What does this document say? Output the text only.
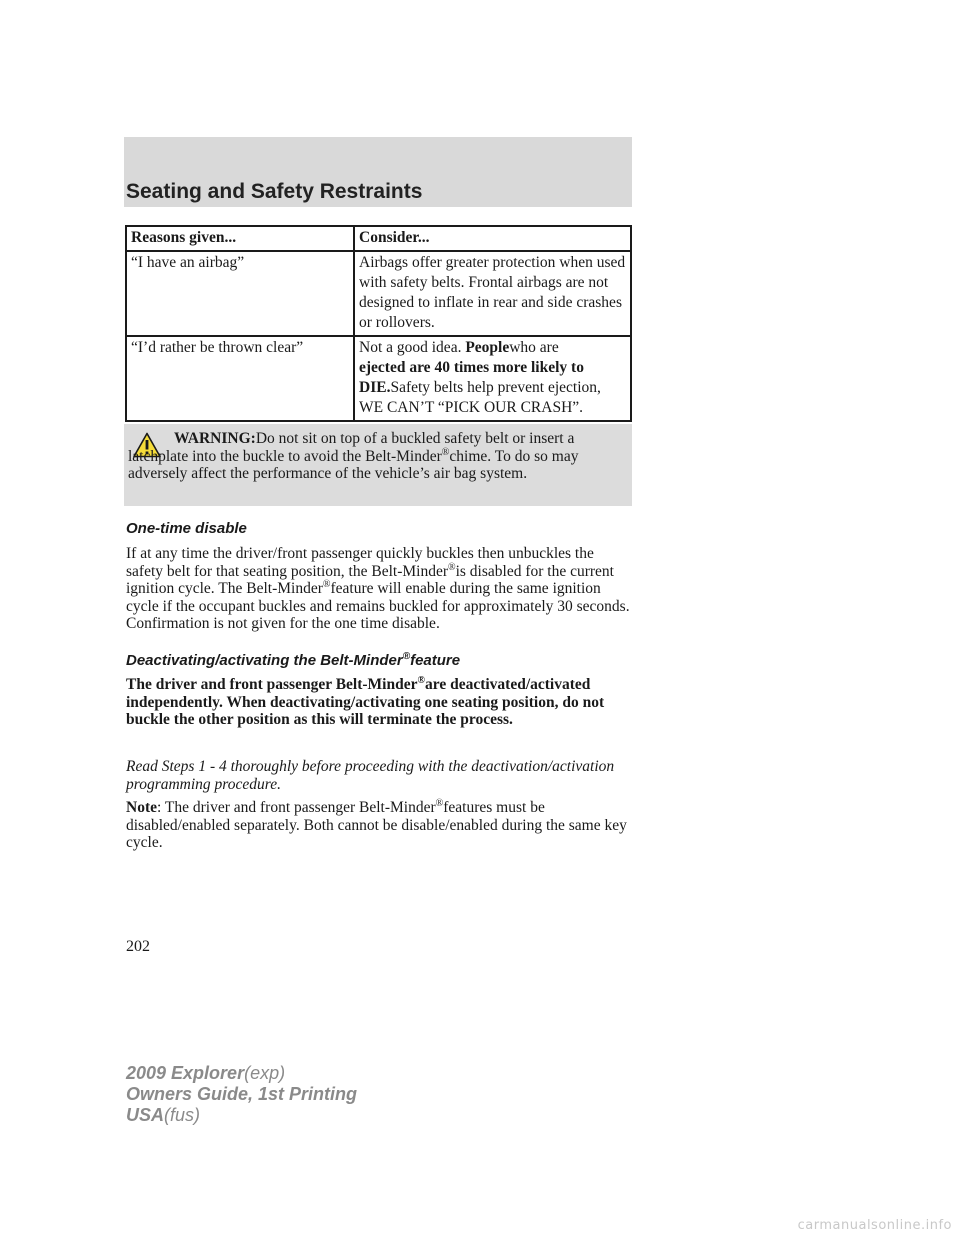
Seating and Safety Restraints
Reasons given...	Consider...
“I have an airbag”	Airbags offer greater protection when used with safety belts. Frontal airbags are not designed to inflate in rear and side crashes or rollovers.
“I’d rather be thrown clear”	Not a good idea. Peoplewho are
ejected are 40 times more likely to DIE.Safety belts help prevent ejection, WE CAN’T “PICK OUR CRASH”.
WARNING:Do not sit on top of a buckled safety belt or insert a latchplate into the buckle to avoid the Belt-Minder®chime. To do so may adversely affect the performance of the vehicle’s air bag system.
One-time disable

If at any time the driver/front passenger quickly buckles then unbuckles the safety belt for that seating position, the Belt-Minder®is disabled for the current ignition cycle. The Belt-Minder®feature will enable during the same ignition cycle if the occupant buckles and remains buckled for approximately 30 seconds. Confirmation is not given for the one time disable.

Deactivating/activating the Belt-Minder®feature

The driver and front passenger Belt-Minder®are deactivated/activated independently. When deactivating/activating one seating position, do not buckle the other position as this will terminate the process.

Read Steps 1 - 4 thoroughly before proceeding with the deactivation/activation programming procedure.

Note: The driver and front passenger Belt-Minder®features must be disabled/enabled separately. Both cannot be disable/enabled during the same key cycle.

202
2009 Explorer(exp)
Owners Guide, 1st Printing
USA(fus)
carmanualsonline.info
